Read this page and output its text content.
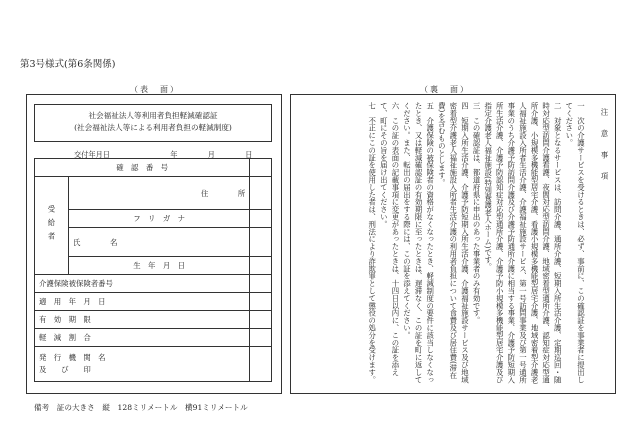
第3号様式(第6条関係)
（表　面）	（裏　面）
社会福祉法人等利用者負担軽減確認証
(社会福祉法人等による利用者負担の軽減制度)
交付年月日	年	月	日
確　認　番　号		
受給者	住　　　　所	
	フ　リ　ガ　ナ	
	氏　　　　名	
	生　年　月　日	
介護保険被保険者番号		
適　用　年　月　日		
有　効　期　限		
軽　減　割　合		

発　行　機　関　名
及　　び　　印		

備考　証の大きさ　縦　128ミリメートル　横91ミリメートル
注意事項
一　次の介護サービスを受けるときは、必ず、事前に、この確認証を事業者に提出してください。
二　対象となるサービスは、訪問介護、通所介護、短期入所生活介護、定期巡回・随時対応型訪問介護看護、夜間対応型訪問介護、地域密着型通所介護、認知症対応型通所介護、小規模多機能型居宅介護、看護小規模多機能型居宅介護、地域密着型介護老人福祉施設入所者生活介護、介護福祉施設サービス、第一号訪問事業及び第一号通所事業のうち介護予防訪問介護及び介護予防通所介護に相当する事業、介護予防短期入所生活介護、介護予防認知症対応型通所介護、介護予防小規模多機能型居宅介護及び指定介護老人福祉施設(特別養護老人ホーム)です。
三　この確認証は、都道府県に申出のあった事業者のみ有効です。
四　短期入所生活介護、介護予防短期入所生活介護、介護福祉施設サービス及び地域密着型介護老人福祉施設入所者生活介護の利用者負担について食費及び居住費(滞在費)を含むものとします。
五　介護保険の被保険者の資格がなくなったとき、軽減制度の要件に該当しなくなったとき、又は軽減確認証の有効期限に至ったときは、遅滞なく、この証を町に返してください。また、転出の届出をする際には、この証を添えてください。
六　この証の表面の記載事項に変更があったときは、十四日以内に、この証を添えて、町にその旨を届け出てください。
七　不正にこの証を使用した者は、刑法により詐欺罪として懲役の処分を受けます。
